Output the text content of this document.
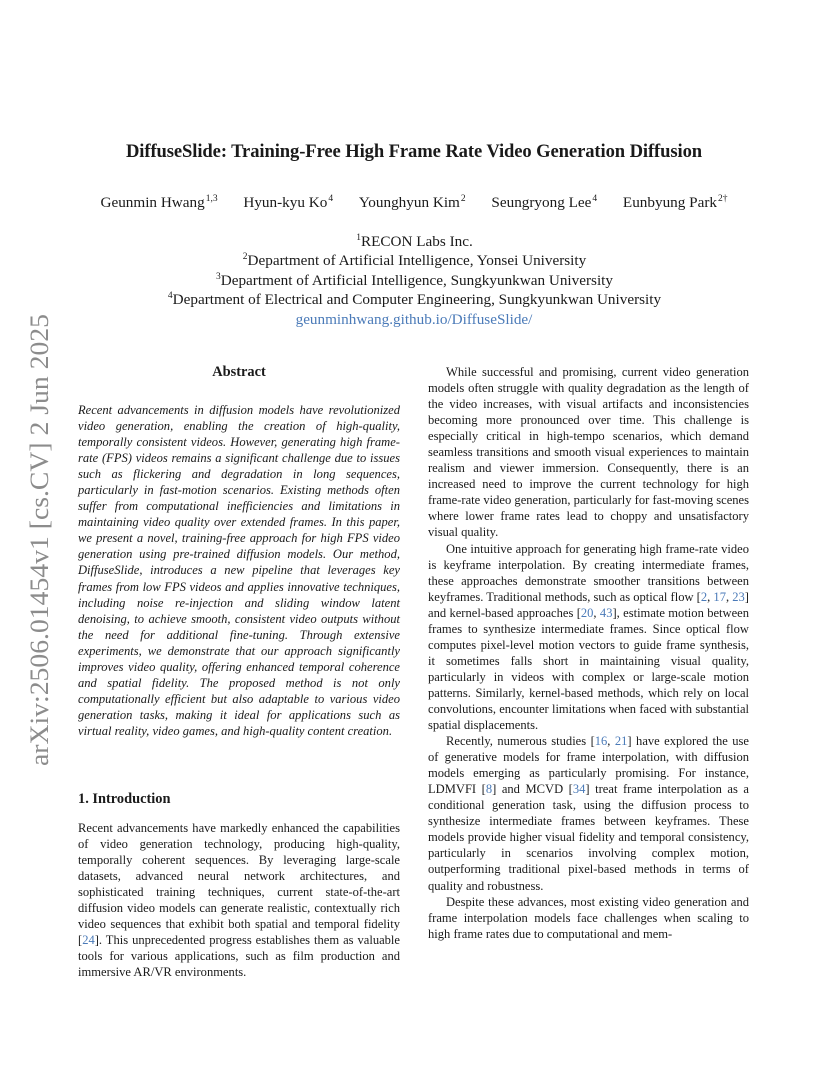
arXiv:2506.01454v1 [cs.CV] 2 Jun 2025
DiffuseSlide: Training-Free High Frame Rate Video Generation Diffusion
Geunmin Hwang$^{1,3}$ Hyun-kyu Ko$^4$ Younghyun Kim$^2$ Seungryong Lee$^4$ Eunbyung Park$^{2\dagger}$
$^1$RECON Labs Inc.
$^2$Department of Artificial Intelligence, Yonsei University
$^3$Department of Artificial Intelligence, Sungkyunkwan University
$^4$Department of Electrical and Computer Engineering, Sungkyunkwan University
geunminhwang.github.io/DiffuseSlide/
Abstract

Recent advancements in diffusion models have revolutionized video generation, enabling the creation of high-quality, temporally consistent videos. However, generating high frame-rate (FPS) videos remains a significant challenge due to issues such as flickering and degradation in long sequences, particularly in fast-motion scenarios. Existing methods often suffer from computational inefficiencies and limitations in maintaining video quality over extended frames. In this paper, we present a novel, training-free approach for high FPS video generation using pre-trained diffusion models. Our method, DiffuseSlide, introduces a new pipeline that leverages key frames from low FPS videos and applies innovative techniques, including noise re-injection and sliding window latent denoising, to achieve smooth, consistent video outputs without the need for additional fine-tuning. Through extensive experiments, we demonstrate that our approach significantly improves video quality, offering enhanced temporal coherence and spatial fidelity. The proposed method is not only computationally efficient but also adaptable to various video generation tasks, making it ideal for applications such as virtual reality, video games, and high-quality content creation.

1. Introduction

Recent advancements have markedly enhanced the capabilities of video generation technology, producing high-quality, temporally coherent sequences. By leveraging large-scale datasets, advanced neural network architectures, and sophisticated training techniques, current state-of-the-art diffusion video models can generate realistic, contextually rich video sequences that exhibit both spatial and temporal fidelity [24]. This unprecedented progress establishes them as valuable tools for various applications, such as film production and immersive AR/VR environments.

While successful and promising, current video generation models often struggle with quality degradation as the length of the video increases, with visual artifacts and inconsistencies becoming more pronounced over time. This challenge is especially critical in high-tempo scenarios, which demand seamless transitions and smooth visual experiences to maintain realism and viewer immersion. Consequently, there is an increased need to improve the current technology for high frame-rate video generation, particularly for fast-moving scenes where lower frame rates lead to choppy and unsatisfactory visual quality.

One intuitive approach for generating high frame-rate video is keyframe interpolation. By creating intermediate frames, these approaches demonstrate smoother transitions between keyframes. Traditional methods, such as optical flow [2, 17, 23] and kernel-based approaches [20, 43], estimate motion between frames to synthesize intermediate frames. Since optical flow computes pixel-level motion vectors to guide frame synthesis, it sometimes falls short in maintaining visual quality, particularly in videos with complex or large-scale motion patterns. Similarly, kernel-based methods, which rely on local convolutions, encounter limitations when faced with substantial spatial displacements.

Recently, numerous studies [16, 21] have explored the use of generative models for frame interpolation, with diffusion models emerging as particularly promising. For instance, LDMVFI [8] and MCVD [34] treat frame interpolation as a conditional generation task, using the diffusion process to synthesize intermediate frames between keyframes. These models provide higher visual fidelity and temporal consistency, particularly in scenarios involving complex motion, outperforming traditional pixel-based methods in terms of quality and robustness.

Despite these advances, most existing video generation and frame interpolation models face challenges when scaling to high frame rates due to computational and mem-
